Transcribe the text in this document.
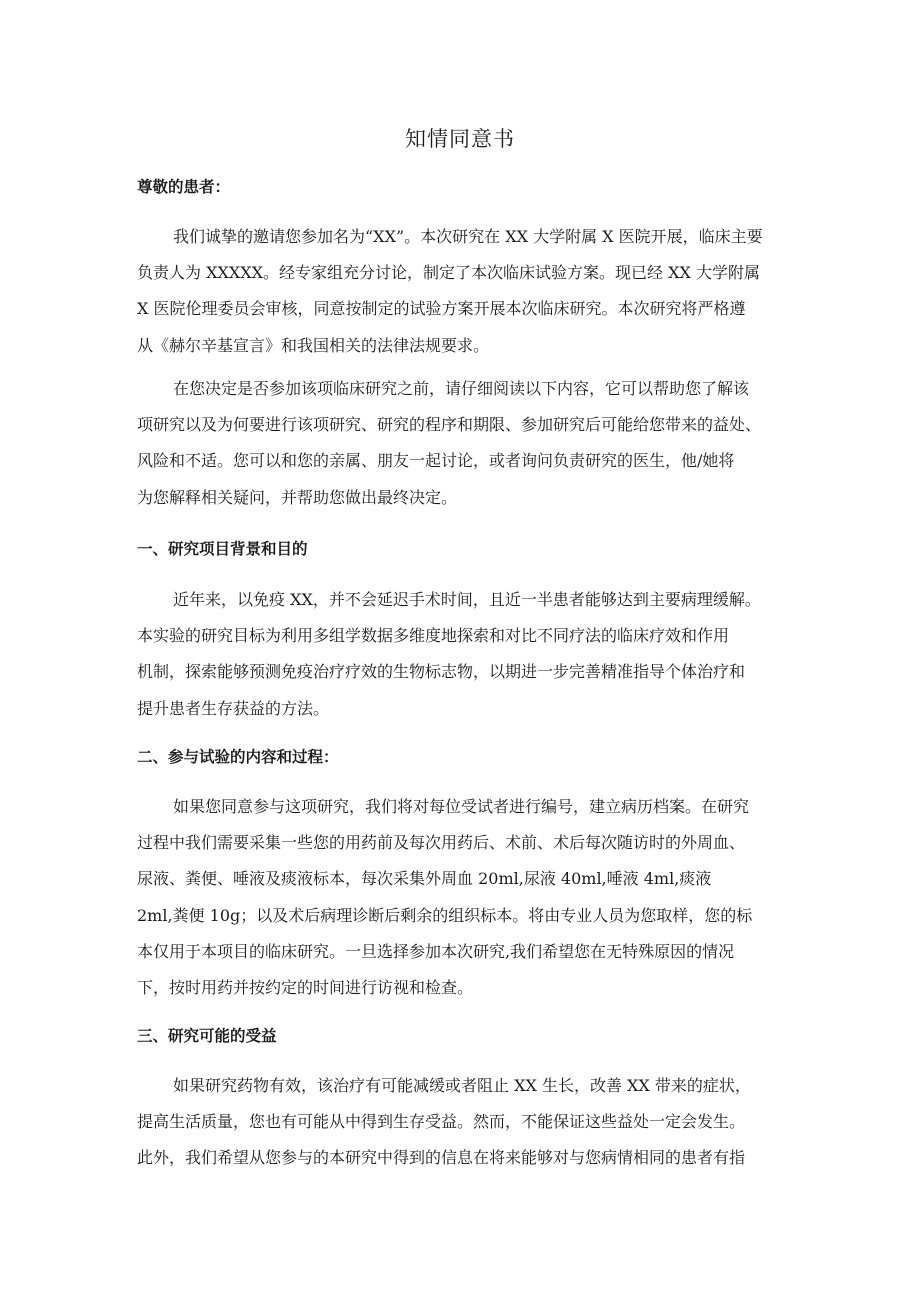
知情同意书
尊敬的患者：
我们诚挚的邀请您参加名为“XX”。本次研究在 XX 大学附属 X 医院开展，临床主要
负责人为 XXXXX。经专家组充分讨论，制定了本次临床试验方案。现已经 XX 大学附属
X 医院伦理委员会审核，同意按制定的试验方案开展本次临床研究。本次研究将严格遵
从《赫尔辛基宣言》和我国相关的法律法规要求。
在您决定是否参加该项临床研究之前，请仔细阅读以下内容，它可以帮助您了解该
项研究以及为何要进行该项研究、研究的程序和期限、参加研究后可能给您带来的益处、
风险和不适。您可以和您的亲属、朋友一起讨论，或者询问负责研究的医生，他/她将
为您解释相关疑问，并帮助您做出最终决定。
一、研究项目背景和目的
近年来，以免疫 XX，并不会延迟手术时间，且近一半患者能够达到主要病理缓解。
本实验的研究目标为利用多组学数据多维度地探索和对比不同疗法的临床疗效和作用
机制，探索能够预测免疫治疗疗效的生物标志物，以期进一步完善精准指导个体治疗和
提升患者生存获益的方法。
二、参与试验的内容和过程：
如果您同意参与这项研究，我们将对每位受试者进行编号，建立病历档案。在研究
过程中我们需要采集一些您的用药前及每次用药后、术前、术后每次随访时的外周血、
尿液、粪便、唾液及痰液标本，每次采集外周血 20ml,尿液 40ml,唾液 4ml,痰液
2ml,粪便 10g；以及术后病理诊断后剩余的组织标本。将由专业人员为您取样，您的标
本仅用于本项目的临床研究。一旦选择参加本次研究,我们希望您在无特殊原因的情况
下，按时用药并按约定的时间进行访视和检查。
三、研究可能的受益
如果研究药物有效，该治疗有可能减缓或者阻止 XX 生长，改善 XX 带来的症状，
提高生活质量，您也有可能从中得到生存受益。然而，不能保证这些益处一定会发生。
此外，我们希望从您参与的本研究中得到的信息在将来能够对与您病情相同的患者有指
